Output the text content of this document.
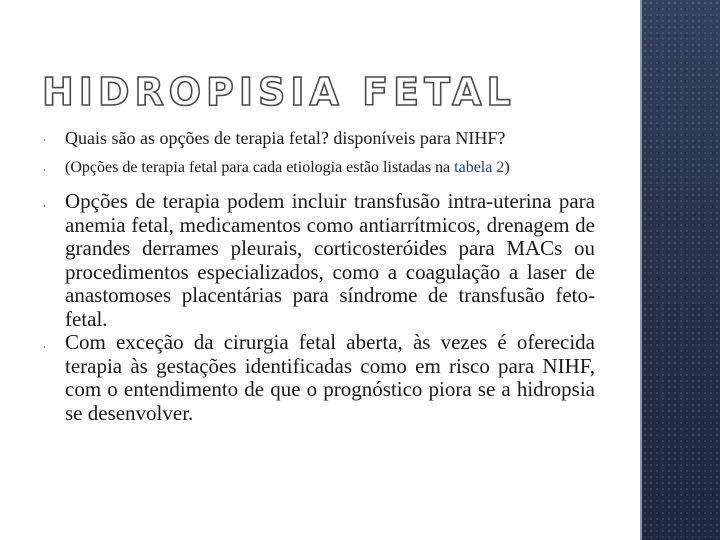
HIDROPISIA FETAL
⸱ Quais são as opções de terapia fetal? disponíveis para NIHF?
⸱ (Opções de terapia fetal para cada etiologia estão listadas na tabela 2)
⸱ Opções de terapia podem incluir transfusão intra-uterina para anemia fetal, medicamentos como antiarrítmicos, drenagem de grandes derrames pleurais, corticosteróides para MACs ou procedimentos especializados, como a coagulação a laser de anastomoses placentárias para síndrome de transfusão feto-fetal.
⸱ Com exceção da cirurgia fetal aberta, às vezes é oferecida terapia às gestações identificadas como em risco para NIHF, com o entendimento de que o prognóstico piora se a hidropsia se desenvolver.
